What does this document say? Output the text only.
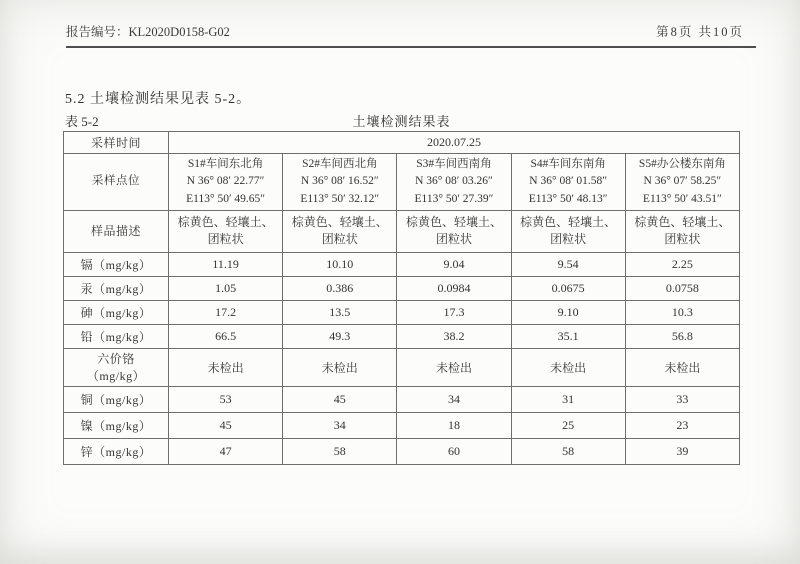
报告编号：KL2020D0158-G02	第8页 共10页
5.2 土壤检测结果见表 5-2。
表 5-2	土壤检测结果表
采样时间	2020.07.25				
采样点位	S1#车间东北角
N 36° 08′ 22.77″
E113° 50′ 49.65″	S2#车间西北角
N 36° 08′ 16.52″
E113° 50′ 32.12″	S3#车间西南角
N 36° 08′ 03.26″
E113° 50′ 27.39″	S4#车间东南角
N 36° 08′ 01.58″
E113° 50′ 48.13″	S5#办公楼东南角
N 36° 07′ 58.25″
E113° 50′ 43.51″

样品描述	棕黄色、轻壤土、团粒状	棕黄色、轻壤土、团粒状	棕黄色、轻壤土、团粒状	棕黄色、轻壤土、团粒状	棕黄色、轻壤土、团粒状
镉（mg/kg）	11.19	10.10	9.04	9.54	2.25
汞（mg/kg）	1.05	0.386	0.0984	0.0675	0.0758
砷（mg/kg）	17.2	13.5	17.3	9.10	10.3
铅（mg/kg）	66.5	49.3	38.2	35.1	56.8
六价铬（mg/kg）	未检出	未检出	未检出	未检出	未检出
铜（mg/kg）	53	45	34	31	33
镍（mg/kg）	45	34	18	25	23
锌（mg/kg）	47	58	60	58	39
